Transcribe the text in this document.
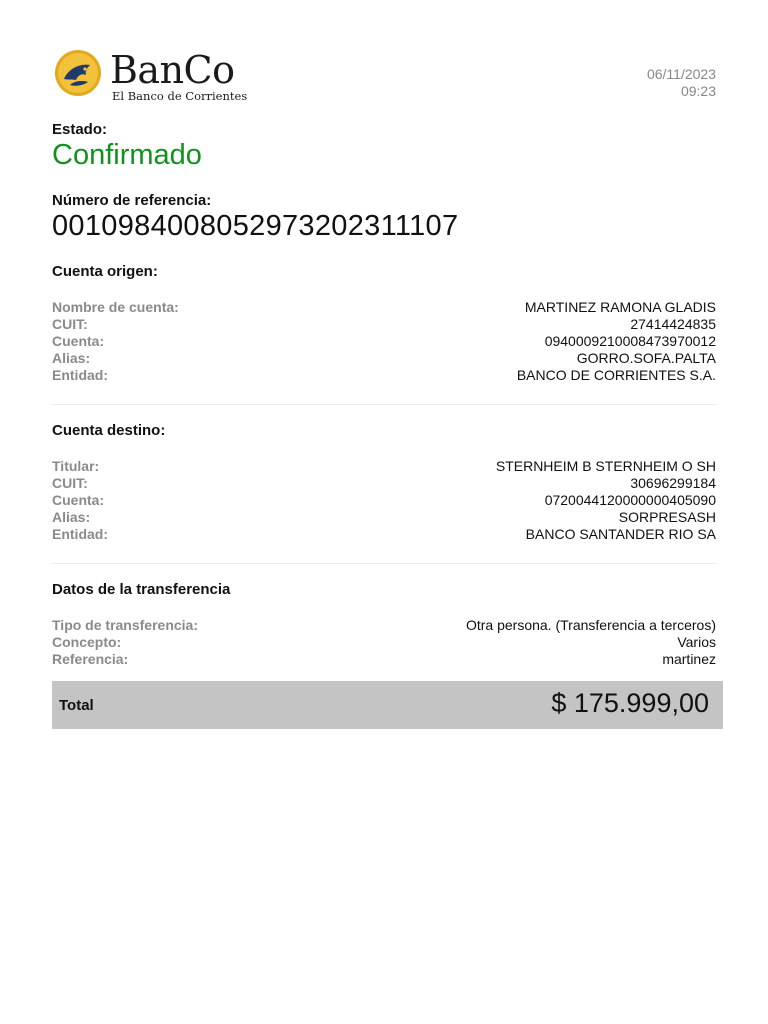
BanCo
El Banco de Corrientes
06/11/2023
09:23
Estado:
Confirmado
Número de referencia:
0010984008052973202311107
Cuenta origen:
Nombre de cuenta:	MARTINEZ RAMONA GLADIS
CUIT:	27414424835
Cuenta:	0940009210008473970012
Alias:	GORRO.SOFA.PALTA
Entidad:	BANCO DE CORRIENTES S.A.
Cuenta destino:
Titular:	STERNHEIM B STERNHEIM O SH
CUIT:	30696299184
Cuenta:	0720044120000000405090
Alias:	SORPRESASH
Entidad:	BANCO SANTANDER RIO SA
Datos de la transferencia
Tipo de transferencia:	Otra persona. (Transferencia a terceros)
Concepto:	Varios
Referencia:	martinez
Total	$ 175.999,00
